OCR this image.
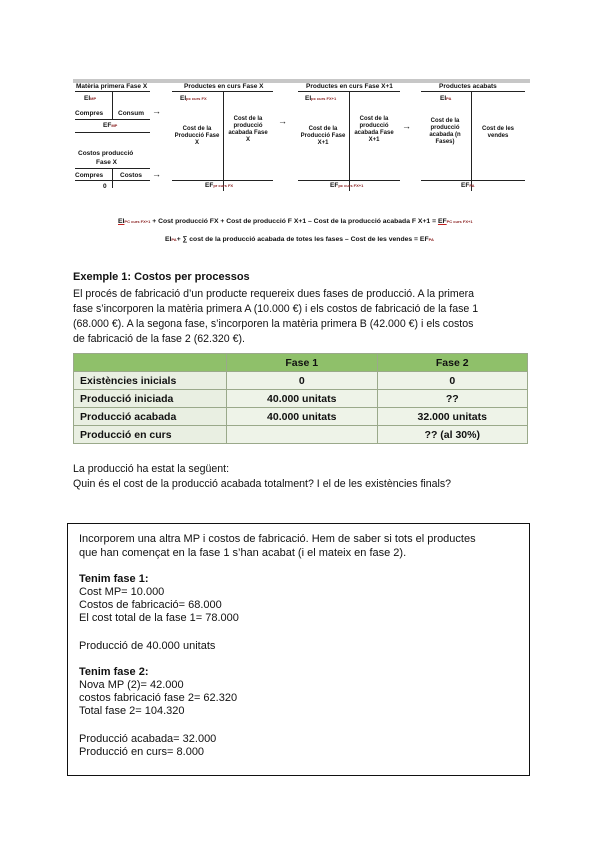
Matèria primera Fase X
EIMP
Compres Consum →
EFMP
Costos producció
Fase X
Compres	Costos →
0
Productes en curs Fase X
EIpc curs FX
Cost de la Producció Fase X
Cost de la producció acabada Fase X
→
EFpr curs FX
Productes en curs Fase X+1
EIpc curs FX+1
Cost de la Producció Fase X+1
Cost de la producció acabada Fase X+1
→
EFpc curs FX+1
Productes acabats
EIPA
Cost de la producció acabada (n Fases)
Cost de les vendes
EFPA
EIPC curs FX+1 + Cost producció FX + Cost de producció F X+1 – Cost de la producció acabada F X+1 = EFPC curs FX+1
EIPA+ ∑ cost de la producció acabada de totes les fases – Cost de les vendes = EFPA
Exemple 1: Costos per processos
El procés de fabricació d’un producte requereix dues fases de producció. A la primera
fase s’incorporen la matèria primera A (10.000 €) i els costos de fabricació de la fase 1
(68.000 €). A la segona fase, s’incorporen la matèria primera B (42.000 €) i els costos
de fabricació de la fase 2 (62.320 €).
	Fase 1	Fase 2
Existències inicials	0	0
Producció iniciada	40.000 unitats	??
Producció acabada	40.000 unitats	32.000 unitats
Producció en curs		?? (al 30%)
La producció ha estat la següent:
Quin és el cost de la producció acabada totalment? I el de les existències finals?
Incorporem una altra MP i costos de fabricació. Hem de saber si tots el productes
que han començat en la fase 1 s’han acabat (i el mateix en fase 2).
Tenim fase 1:
Cost MP= 10.000
Costos de fabricació= 68.000
El cost total de la fase 1= 78.000
Producció de 40.000 unitats
Tenim fase 2:
Nova MP (2)= 42.000
costos fabricació fase 2= 62.320
Total fase 2= 104.320
Producció acabada= 32.000
Producció en curs= 8.000
